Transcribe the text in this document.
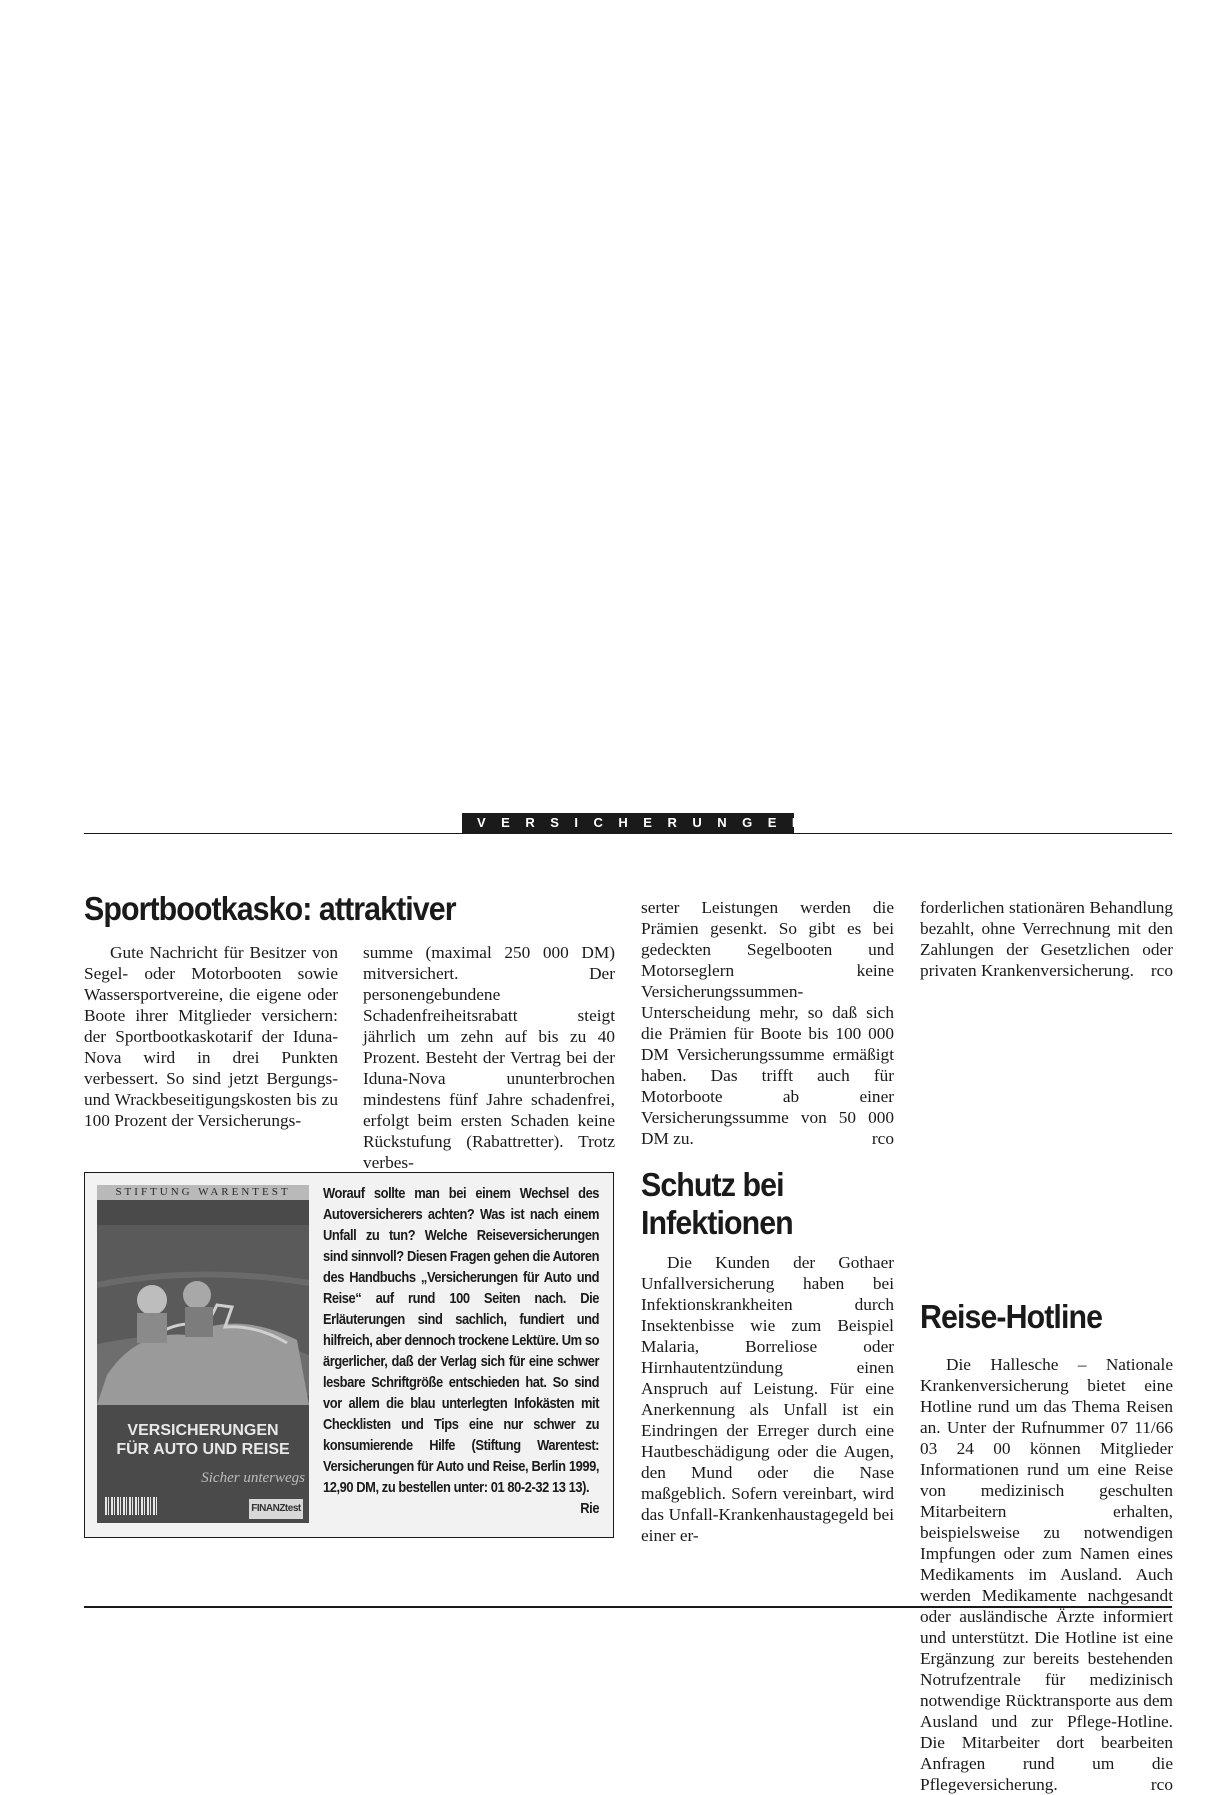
VERSICHERUNGEN
Sportbootkasko: attraktiver

Gute Nachricht für Besitzer von Segel- oder Motorbooten sowie Wassersportvereine, die eigene oder Boote ihrer Mitglieder versichern: der Sportbootkaskotarif der Iduna-Nova wird in drei Punkten verbessert. So sind jetzt Bergungs- und Wrackbeseitigungskosten bis zu 100 Prozent der Versicherungs-

summe (maximal 250 000 DM) mitversichert. Der personengebundene Schadenfreiheitsrabatt steigt jährlich um zehn auf bis zu 40 Prozent. Besteht der Vertrag bei der Iduna-Nova ununterbrochen mindestens fünf Jahre schadenfrei, erfolgt beim ersten Schaden keine Rückstufung (Rabattretter). Trotz verbes-

serter Leistungen werden die Prämien gesenkt. So gibt es bei gedeckten Segelbooten und Motorseglern keine Versicherungssummen-Unterscheidung mehr, so daß sich die Prämien für Boote bis 100 000 DM Versicherungssumme ermäßigt haben. Das trifft auch für Motorboote ab einer Versicherungssumme von 50 000 DM zu.	rco

STIFTUNG WARENTEST
VERSICHERUNGEN
FÜR AUTO UND REISE
Sicher unterwegs
FINANZtest
Worauf sollte man bei einem Wechsel des Autoversicherers achten? Was ist nach einem Unfall zu tun? Welche Reiseversicherungen sind sinnvoll? Diesen Fragen gehen die Autoren des Handbuchs „Versicherungen für Auto und Reise“ auf rund 100 Seiten nach. Die Erläuterungen sind sachlich, fundiert und hilfreich, aber dennoch trockene Lektüre. Um so ärgerlicher, daß der Verlag sich für eine schwer lesbare Schriftgröße entschieden hat. So sind vor allem die blau unterlegten Infokästen mit Checklisten und Tips eine nur schwer zu konsumierende Hilfe (Stiftung Warentest: Versicherungen für Auto und Reise, Berlin 1999, 12,90 DM, zu bestellen unter: 01 80-2-32 13 13).
Rie
Schutz bei Infektionen

Die Kunden der Gothaer Unfallversicherung haben bei Infektionskrankheiten durch Insektenbisse wie zum Beispiel Malaria, Borreliose oder Hirnhautentzündung einen Anspruch auf Leistung. Für eine Anerkennung als Unfall ist ein Eindringen der Erreger durch eine Hautbeschädigung oder die Augen, den Mund oder die Nase maßgeblich. Sofern vereinbart, wird das Unfall-Krankenhaustagegeld bei einer er-

forderlichen stationären Behandlung bezahlt, ohne Verrechnung mit den Zahlungen der Gesetzlichen oder privaten Krankenversicherung. rco

Reise-Hotline

Die Hallesche – Nationale Krankenversicherung bietet eine Hotline rund um das Thema Reisen an. Unter der Rufnummer 07 11/66 03 24 00 können Mitglieder Informationen rund um eine Reise von medizinisch geschulten Mitarbeitern erhalten, beispielsweise zu notwendigen Impfungen oder zum Namen eines Medikaments im Ausland. Auch werden Medikamente nachgesandt oder ausländische Ärzte informiert und unterstützt. Die Hotline ist eine Ergänzung zur bereits bestehenden Notrufzentrale für medizinisch notwendige Rücktransporte aus dem Ausland und zur Pflege-Hotline. Die Mitarbeiter dort bearbeiten Anfragen rund um die Pflegeversicherung.	rco
